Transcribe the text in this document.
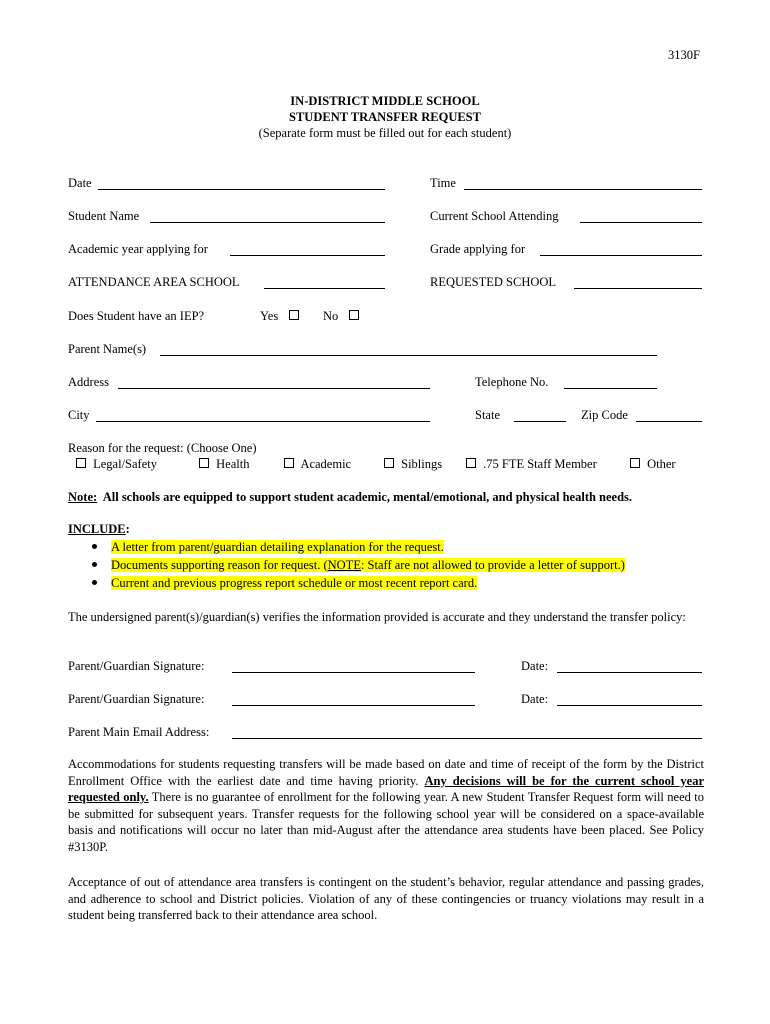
3130F
IN-DISTRICT MIDDLE SCHOOL
STUDENT TRANSFER REQUEST
(Separate form must be filled out for each student)
Date	Time
Student Name	Current School Attending
Academic year applying for	Grade applying for
ATTENDANCE AREA SCHOOL	REQUESTED SCHOOL
Does Student have an IEP?	Yes	No
Parent Name(s)
Address	Telephone No.
City	State	Zip Code
Reason for the request: (Choose One)
Legal/Safety	Health	Academic	Siblings	.75 FTE Staff Member	Other
Note: All schools are equipped to support student academic, mental/emotional, and physical health needs.
INCLUDE:
A letter from parent/guardian detailing explanation for the request.
Documents supporting reason for request. (NOTE: Staff are not allowed to provide a letter of support.)
Current and previous progress report schedule or most recent report card.
The undersigned parent(s)/guardian(s) verifies the information provided is accurate and they understand the transfer policy:
Parent/Guardian Signature:	Date:
Parent/Guardian Signature:	Date:
Parent Main Email Address:
Accommodations for students requesting transfers will be made based on date and time of receipt of the form by the District Enrollment Office with the earliest date and time having priority. Any decisions will be for the current school year requested only. There is no guarantee of enrollment for the following year. A new Student Transfer Request form will need to be submitted for subsequent years. Transfer requests for the following school year will be considered on a space-available basis and notifications will occur no later than mid-August after the attendance area students have been placed. See Policy #3130P.
Acceptance of out of attendance area transfers is contingent on the student’s behavior, regular attendance and passing grades, and adherence to school and District policies. Violation of any of these contingencies or truancy violations may result in a student being transferred back to their attendance area school.
